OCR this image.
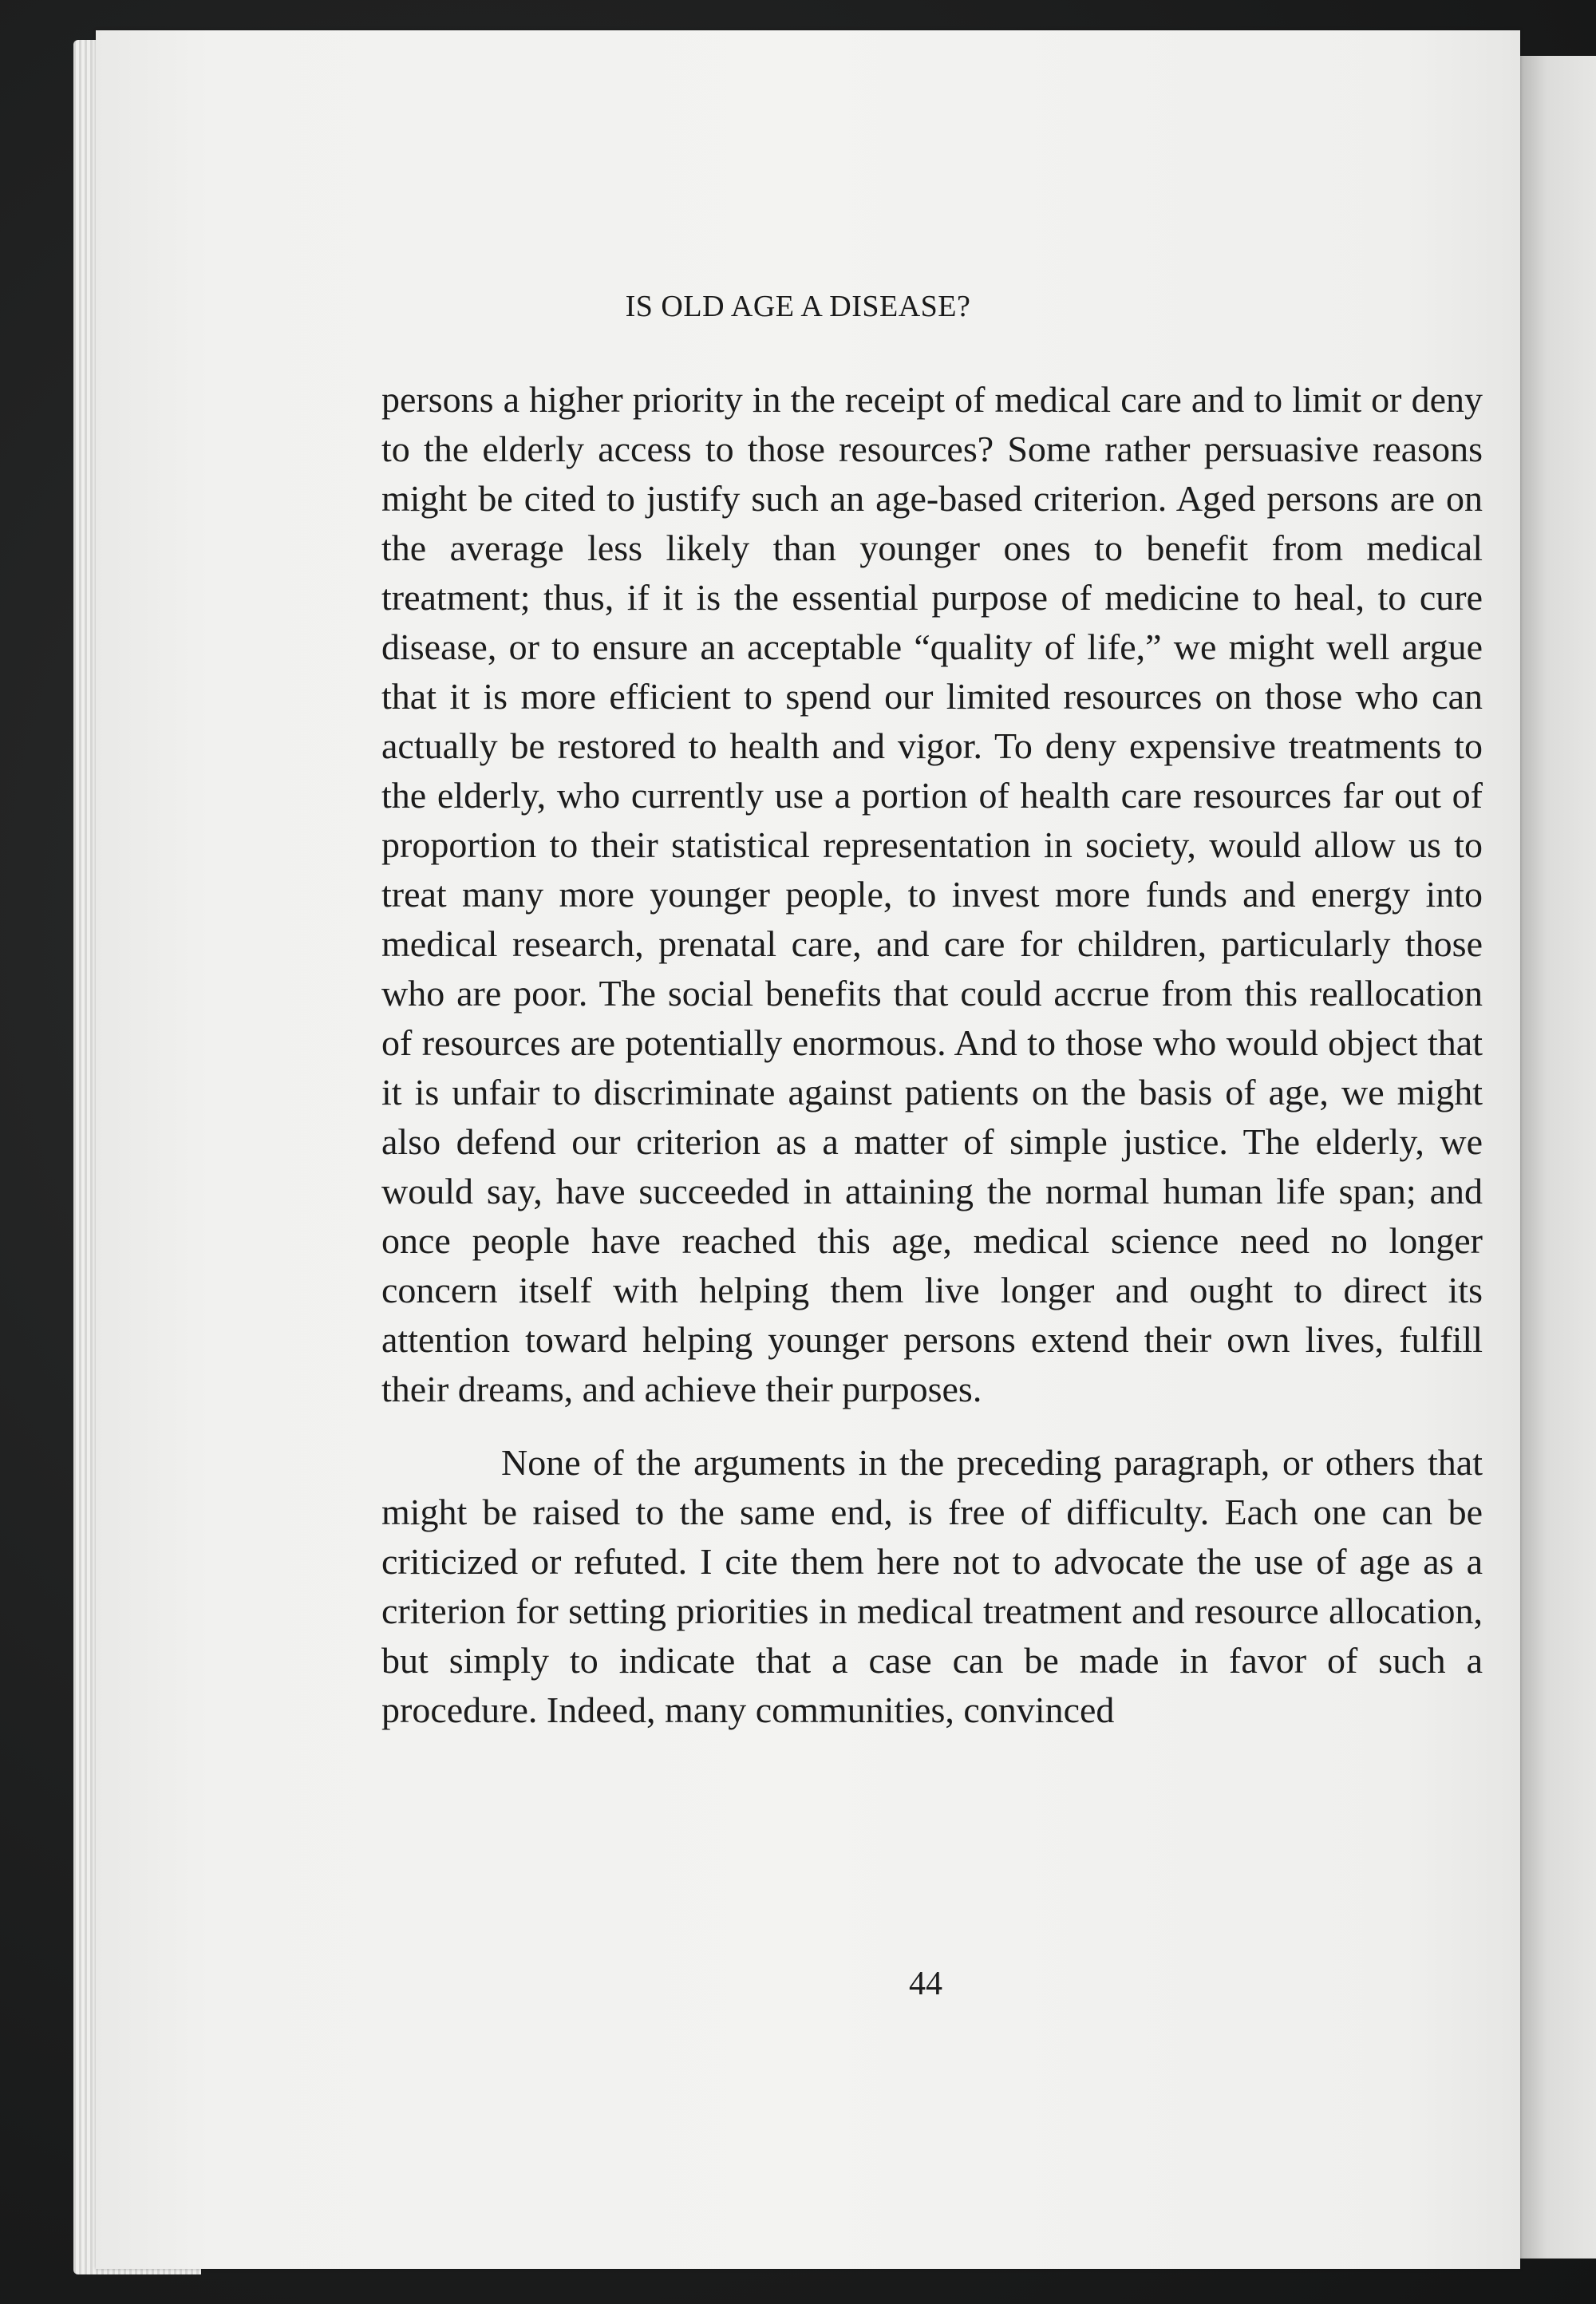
IS OLD AGE A DISEASE?

persons a higher priority in the receipt of medical care and to limit or deny to the elderly access to those resources? Some rather persuasive reasons might be cited to justify such an age-based criterion. Aged persons are on the average less likely than younger ones to benefit from medical treatment; thus, if it is the essential purpose of medicine to heal, to cure disease, or to ensure an acceptable “quality of life,” we might well argue that it is more efficient to spend our limited resources on those who can actually be restored to health and vigor. To deny expensive treatments to the elderly, who currently use a portion of health care resources far out of proportion to their statistical representation in society, would allow us to treat many more younger people, to invest more funds and energy into medical research, prenatal care, and care for children, particularly those who are poor. The social benefits that could accrue from this reallocation of resources are potentially enormous. And to those who would object that it is unfair to discriminate against patients on the basis of age, we might also defend our criterion as a matter of simple justice. The elderly, we would say, have succeeded in attaining the normal human life span; and once people have reached this age, medical science need no longer concern itself with helping them live longer and ought to direct its attention toward helping younger persons extend their own lives, fulfill their dreams, and achieve their purposes.

None of the arguments in the preceding paragraph, or others that might be raised to the same end, is free of difficulty. Each one can be criticized or refuted. I cite them here not to advocate the use of age as a criterion for setting priorities in medical treatment and resource allocation, but simply to indicate that a case can be made in favor of such a procedure. Indeed, many communities, convinced

44
